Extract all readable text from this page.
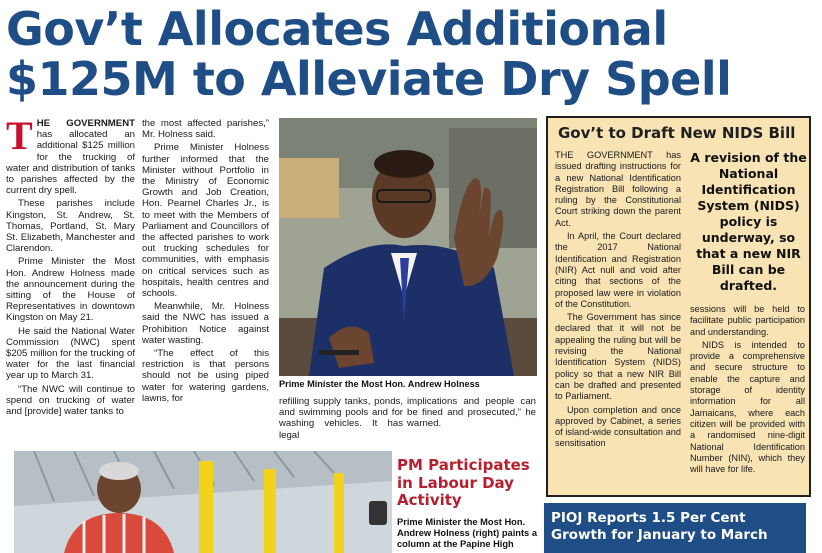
Gov’t Allocates Additional
$125M to Alleviate Dry Spell

THE GOVERNMENT has allocated an additional $125 million for the trucking of water and distribution of tanks to parishes affected by the current dry spell.

These parishes include Kingston, St. Andrew, St. Thomas, Portland, St. Mary St. Elizabeth, Manchester and Clarendon.

Prime Minister the Most Hon. Andrew Holness made the announcement during the sitting of the House of Representatives in downtown Kingston on May 21.

He said the National Water Commission (NWC) spent $205 million for the trucking of water for the last financial year up to March 31.

“The NWC will continue to spend on trucking of water and [provide] water tanks to

the most affected parishes,” Mr. Holness said.

Prime Minister Holness further informed that the Minister without Portfolio in the Ministry of Economic Growth and Job Creation, Hon. Pearnel Charles Jr., is to meet with the Members of Parliament and Councillors of the affected parishes to work out trucking schedules for communities, with emphasis on critical services such as hospitals, health centres and schools.

Meanwhile, Mr. Holness said the NWC has issued a Prohibition Notice against water wasting.

“The effect of this restriction is that persons should not be using piped water for watering gardens, lawns, for

Prime Minister the Most Hon. Andrew Holness

refilling supply tanks, ponds, and swimming pools and for washing vehicles. It has legal

implications and people can be fined and prosecuted,” he warned.

Gov’t to Draft New NIDS Bill

THE GOVERNMENT has issued drafting instructions for a new National Identification Registration Bill following a ruling by the Constitutional Court striking down the parent Act.

In April, the Court declared the 2017 National Identification and Registration (NIR) Act null and void after citing that sections of the proposed law were in violation of the Constitution.

The Government has since declared that it will not be appealing the ruling but will be revising the National Identification System (NIDS) policy so that a new NIR Bill can be drafted and presented to Parliament.

Upon completion and once approved by Cabinet, a series of island-wide consultation and sensitisation

A revision of the National Identification System (NIDS) policy is underway, so that a new NIR Bill can be drafted.

sessions will be held to facilitate public participation and understanding.

NIDS is intended to provide a comprehensive and secure structure to enable the capture and storage of identity information for all Jamaicans, where each citizen will be provided with a randomised nine-digit National Identification Number (NIN), which they will have for life.

PM Participates in Labour Day Activity
Prime Minister the Most Hon. Andrew Holness (right) paints a column at the Papine High
PIOJ Reports 1.5 Per Cent
Growth for January to March
